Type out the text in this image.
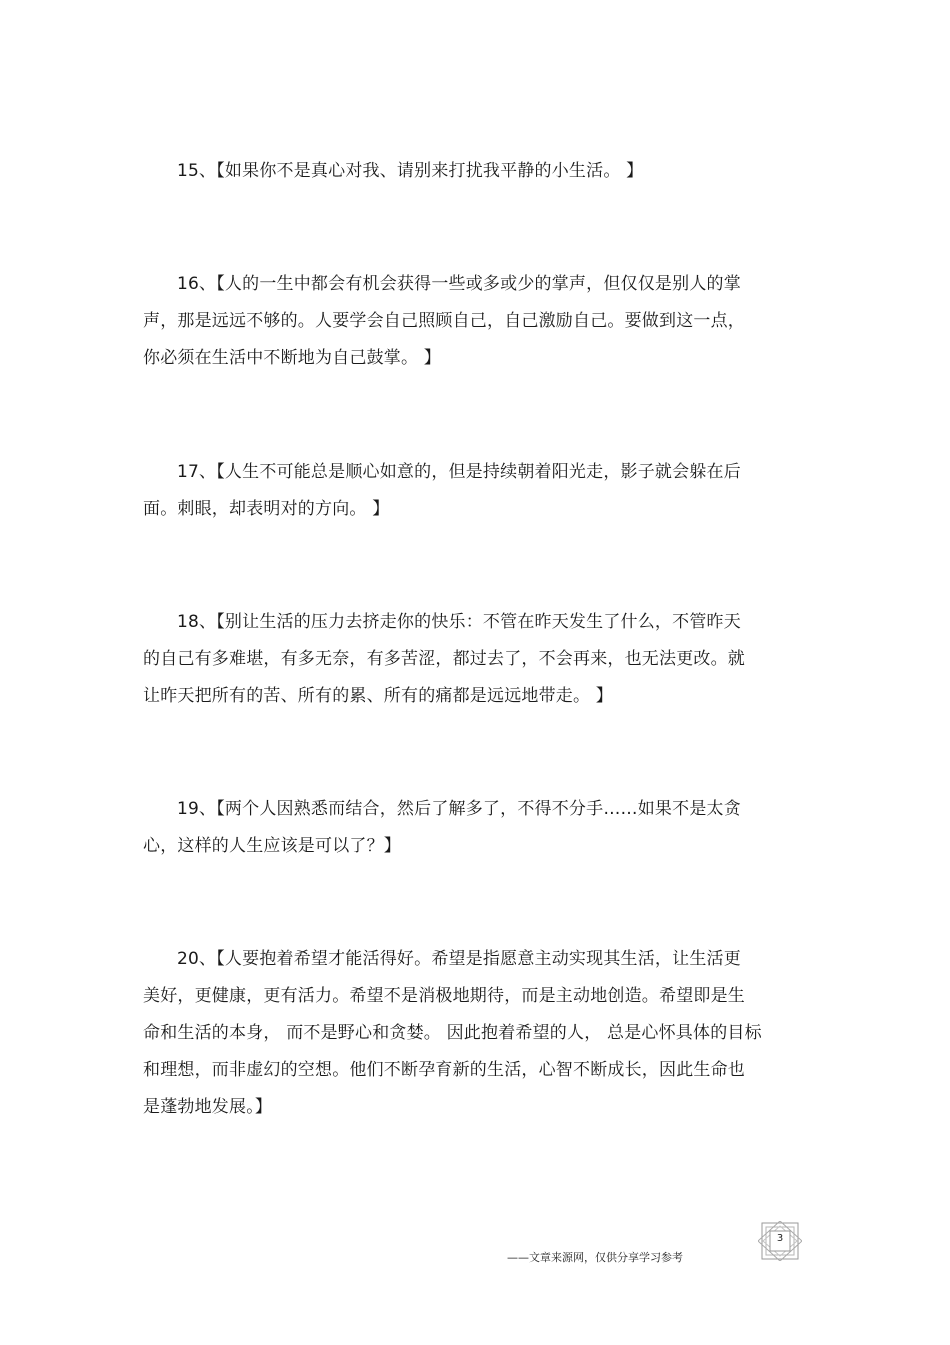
15、【如果你不是真心对我、请别来打扰我平静的小生活。 】
16、【人的一生中都会有机会获得一些或多或少的掌声，但仅仅是别人的掌
声，那是远远不够的。人要学会自己照顾自己，自己激励自己。要做到这一点，
你必须在生活中不断地为自己鼓掌。 】
17、【人生不可能总是顺心如意的，但是持续朝着阳光走，影子就会躲在后
面。刺眼，却表明对的方向。 】
18、【别让生活的压力去挤走你的快乐：不管在昨天发生了什么，不管昨天
的自己有多难堪，有多无奈，有多苦涩，都过去了，不会再来，也无法更改。就
让昨天把所有的苦、所有的累、所有的痛都是远远地带走。 】
19、【两个人因熟悉而结合，然后了解多了，不得不分手……如果不是太贪
心，这样的人生应该是可以了？】
20、【人要抱着希望才能活得好。希望是指愿意主动实现其生活，让生活更
美好，更健康，更有活力。希望不是消极地期待，而是主动地创造。希望即是生
命和生活的本身， 而不是野心和贪婪。 因此抱着希望的人， 总是心怀具体的目标
和理想，而非虚幻的空想。他们不断孕育新的生活，心智不断成长，因此生命也
是蓬勃地发展。】
——文章来源网，仅供分享学习参考
3
